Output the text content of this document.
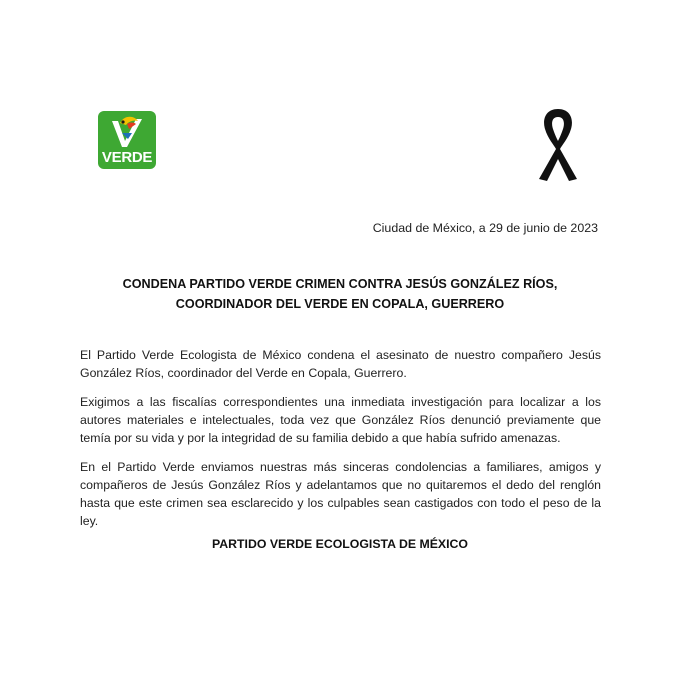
VERDE
Ciudad de México, a 29 de junio de 2023
CONDENA PARTIDO VERDE CRIMEN CONTRA JESÚS GONZÁLEZ RÍOS,
COORDINADOR DEL VERDE EN COPALA, GUERRERO

El Partido Verde Ecologista de México condena el asesinato de nuestro compañero Jesús González Ríos, coordinador del Verde en Copala, Guerrero.

Exigimos a las fiscalías correspondientes una inmediata investigación para localizar a los autores materiales e intelectuales, toda vez que González Ríos denunció previamente que temía por su vida y por la integridad de su familia debido a que había sufrido amenazas.

En el Partido Verde enviamos nuestras más sinceras condolencias a familiares, amigos y compañeros de Jesús González Ríos y adelantamos que no quitaremos el dedo del renglón hasta que este crimen sea esclarecido y los culpables sean castigados con todo el peso de la ley.

PARTIDO VERDE ECOLOGISTA DE MÉXICO
